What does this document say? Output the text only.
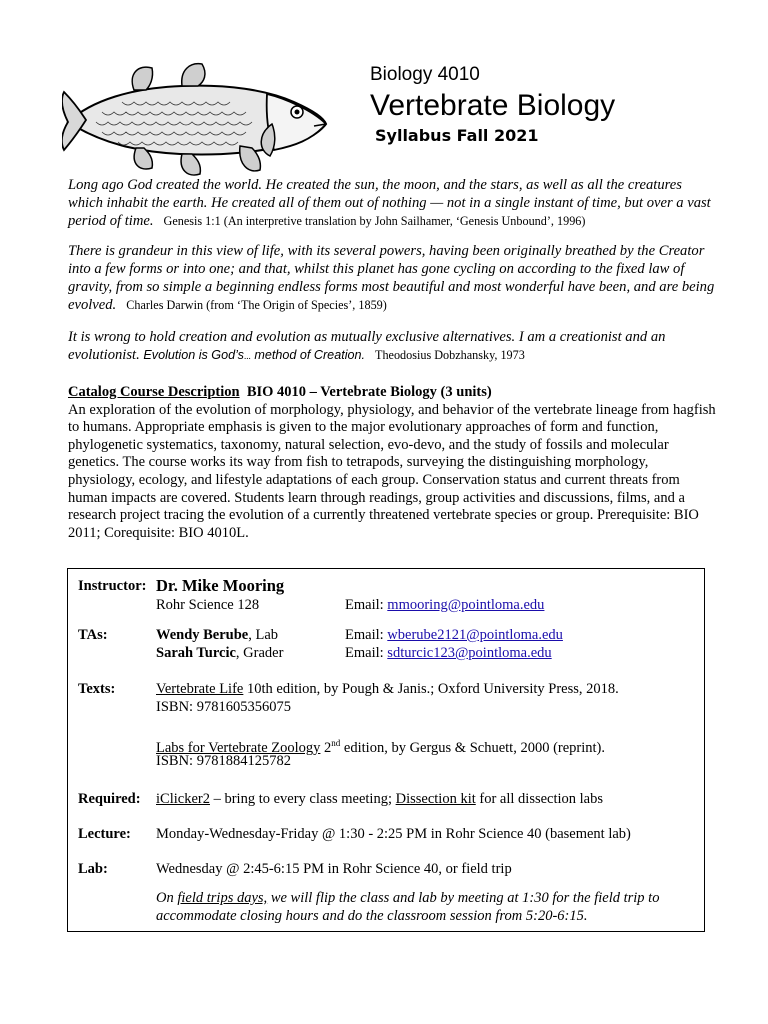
Biology 4010
Vertebrate Biology
Syllabus Fall 2021
Long ago God created the world. He created the sun, the moon, and the stars, as well as all the creatures which inhabit the earth. He created all of them out of nothing — not in a single instant of time, but over a vast period of time. Genesis 1:1 (An interpretive translation by John Sailhamer, ‘Genesis Unbound’, 1996)
There is grandeur in this view of life, with its several powers, having been originally breathed by the Creator into a few forms or into one; and that, whilst this planet has gone cycling on according to the fixed law of gravity, from so simple a beginning endless forms most beautiful and most wonderful have been, and are being evolved. Charles Darwin (from ‘The Origin of Species’, 1859)
It is wrong to hold creation and evolution as mutually exclusive alternatives. I am a creationist and an evolutionist. Evolution is God’s... method of Creation. Theodosius Dobzhansky, 1973
Catalog Course Description BIO 4010 – Vertebrate Biology (3 units)
An exploration of the evolution of morphology, physiology, and behavior of the vertebrate lineage from hagfish to humans. Appropriate emphasis is given to the major evolutionary approaches of form and function, phylogenetic systematics, taxonomy, natural selection, evo-devo, and the study of fossils and molecular genetics. The course works its way from fish to tetrapods, surveying the distinguishing morphology, physiology, ecology, and lifestyle adaptations of each group. Conservation status and current threats from human impacts are covered. Students learn through readings, group activities and discussions, films, and a research project tracing the evolution of a currently threatened vertebrate species or group. Prerequisite: BIO 2011; Corequisite: BIO 4010L.
Instructor: Dr. Mike Mooring
Rohr Science 128	Email: mmooring@pointloma.edu
TAs:	Wendy Berube, Lab	Email: wberube2121@pointloma.edu
Sarah Turcic, Grader	Email: sdturcic123@pointloma.edu
Texts:	Vertebrate Life 10th edition, by Pough & Janis.; Oxford University Press, 2018.
ISBN: 9781605356075
Labs for Vertebrate Zoology 2nd edition, by Gergus & Schuett, 2000 (reprint).
ISBN: 9781884125782
Required: iClicker2 – bring to every class meeting; Dissection kit for all dissection labs
Lecture: Monday-Wednesday-Friday @ 1:30 - 2:25 PM in Rohr Science 40 (basement lab)
Lab:	Wednesday @ 2:45-6:15 PM in Rohr Science 40, or field trip
On field trips days, we will flip the class and lab by meeting at 1:30 for the field trip to accommodate closing hours and do the classroom session from 5:20-6:15.
